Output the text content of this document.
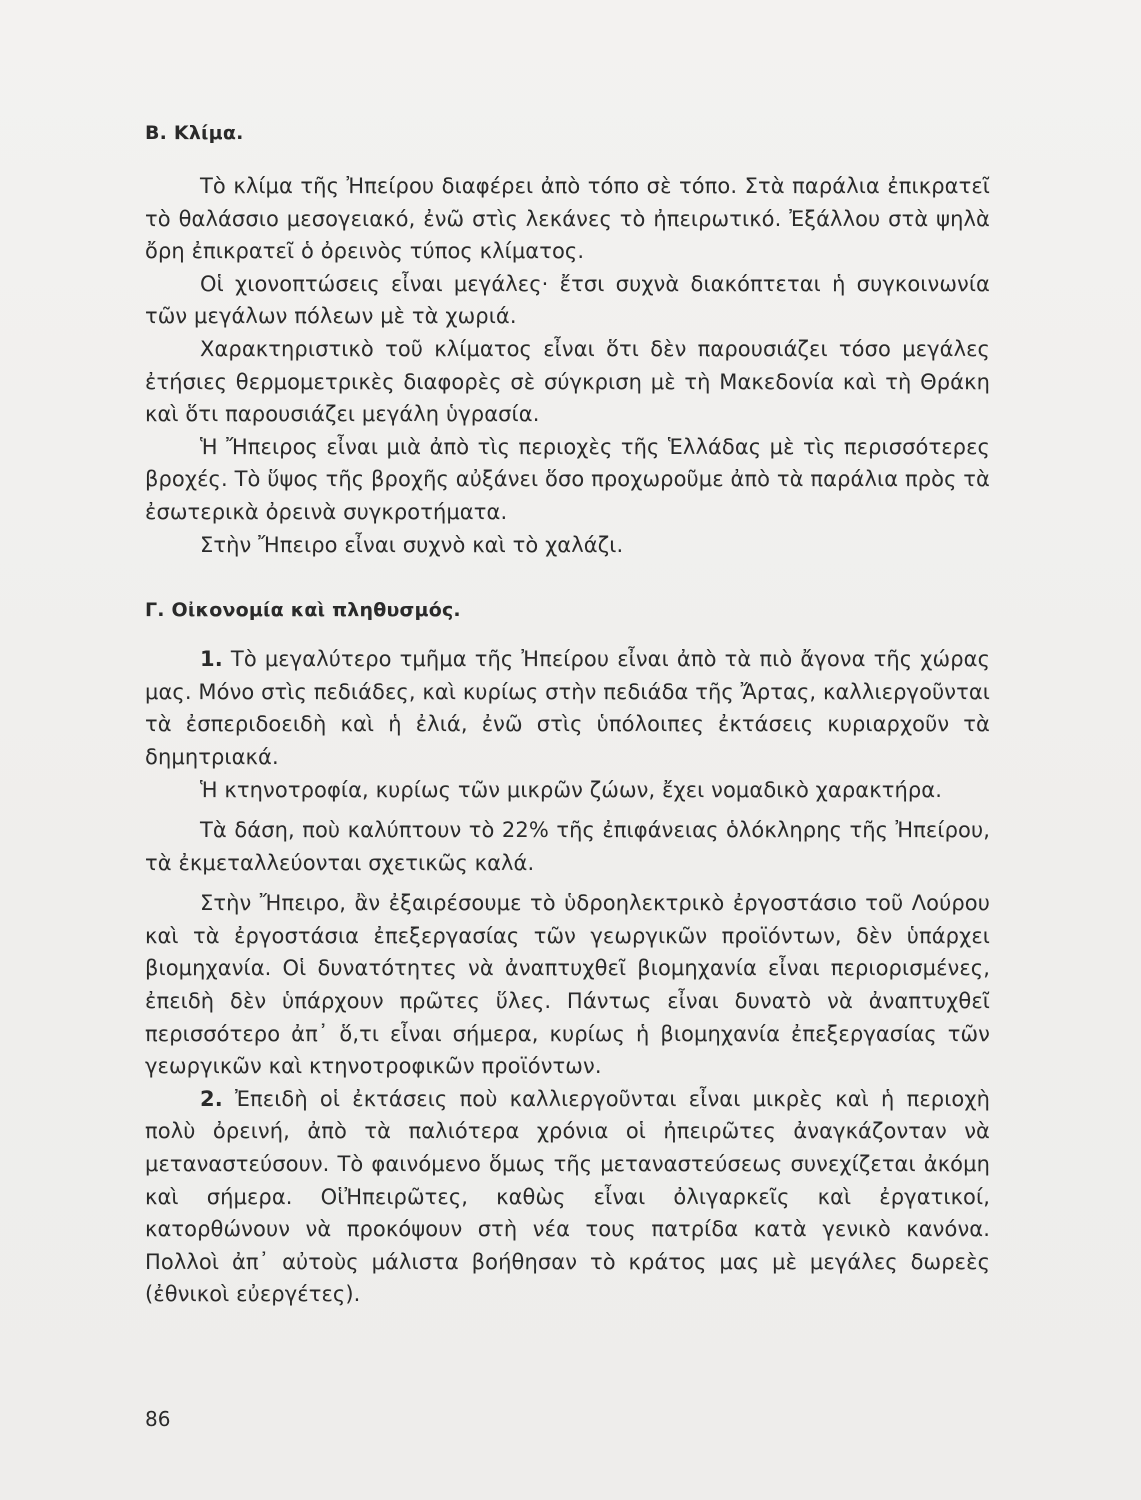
Β. Κλίμα.

Τὸ κλίμα τῆς Ἠπείρου διαφέρει ἀπὸ τόπο σὲ τόπο. Στὰ παράλια ἐπικρατεῖ τὸ θαλάσσιο μεσογειακό, ἐνῶ στὶς λεκάνες τὸ ἠπειρωτικό. Ἐξάλλου στὰ ψηλὰ ὄρη ἐπικρατεῖ ὁ ὀρεινὸς τύπος κλίματος.

Οἱ χιονοπτώσεις εἶναι μεγάλες· ἔτσι συχνὰ διακόπτεται ἡ συγκοινωνία τῶν μεγάλων πόλεων μὲ τὰ χωριά.

Χαρακτηριστικὸ τοῦ κλίματος εἶναι ὅτι δὲν παρουσιάζει τόσο μεγάλες ἐτήσιες θερμομετρικὲς διαφορὲς σὲ σύγκριση μὲ τὴ Μακεδονία καὶ τὴ Θράκη καὶ ὅτι παρουσιάζει μεγάλη ὑγρασία.

Ἡ Ἤπειρος εἶναι μιὰ ἀπὸ τὶς περιοχὲς τῆς Ἑλλάδας μὲ τὶς περισσότερες βροχές. Τὸ ὕψος τῆς βροχῆς αὐξάνει ὅσο προχωροῦμε ἀπὸ τὰ παράλια πρὸς τὰ ἐσωτερικὰ ὀρεινὰ συγκροτήματα.

Στὴν Ἤπειρο εἶναι συχνὸ καὶ τὸ χαλάζι.

Γ. Οἰκονομία καὶ πληθυσμός.

1. Τὸ μεγαλύτερο τμῆμα τῆς Ἠπείρου εἶναι ἀπὸ τὰ πιὸ ἄγονα τῆς χώρας μας. Μόνο στὶς πεδιάδες, καὶ κυρίως στὴν πεδιάδα τῆς Ἄρτας, καλλιεργοῦνται τὰ ἐσπεριδοειδὴ καὶ ἡ ἐλιά, ἐνῶ στὶς ὑπόλοιπες ἐκτάσεις κυριαρχοῦν τὰ δημητριακά.

Ἡ κτηνοτροφία, κυρίως τῶν μικρῶν ζώων, ἔχει νομαδικὸ χαρακτήρα.

Τὰ δάση, ποὺ καλύπτουν τὸ 22% τῆς ἐπιφάνειας ὁλόκληρης τῆς Ἠπείρου, τὰ ἐκμεταλλεύονται σχετικῶς καλά.

Στὴν Ἤπειρο, ἂν ἐξαιρέσουμε τὸ ὑδροηλεκτρικὸ ἐργοστάσιο τοῦ Λούρου καὶ τὰ ἐργοστάσια ἐπεξεργασίας τῶν γεωργικῶν προϊόντων, δὲν ὑπάρχει βιομηχανία. Οἱ δυνατότητες νὰ ἀναπτυχθεῖ βιομηχανία εἶναι περιορισμένες, ἐπειδὴ δὲν ὑπάρχουν πρῶτες ὕλες. Πάντως εἶναι δυνατὸ νὰ ἀναπτυχθεῖ περισσότερο ἀπ᾽ ὅ,τι εἶναι σήμερα, κυρίως ἡ βιομηχανία ἐπεξεργασίας τῶν γεωργικῶν καὶ κτηνοτροφικῶν προϊόντων.

2. Ἐπειδὴ οἱ ἐκτάσεις ποὺ καλλιεργοῦνται εἶναι μικρὲς καὶ ἡ περιοχὴ πολὺ ὀρεινή, ἀπὸ τὰ παλιότερα χρόνια οἱ ἠπειρῶτες ἀναγκάζονταν νὰ μεταναστεύσουν. Τὸ φαινόμενο ὅμως τῆς μεταναστεύσεως συνεχίζεται ἀκόμη καὶ σήμερα. ΟἱἨπειρῶτες, καθὼς εἶναι ὀλιγαρκεῖς καὶ ἐργατικοί, κατορθώνουν νὰ προκόψουν στὴ νέα τους πατρίδα κατὰ γενικὸ κανόνα. Πολλοὶ ἀπ᾽ αὐτοὺς μάλιστα βοήθησαν τὸ κράτος μας μὲ μεγάλες δωρεὲς (ἐθνικοὶ εὐεργέτες).

86
